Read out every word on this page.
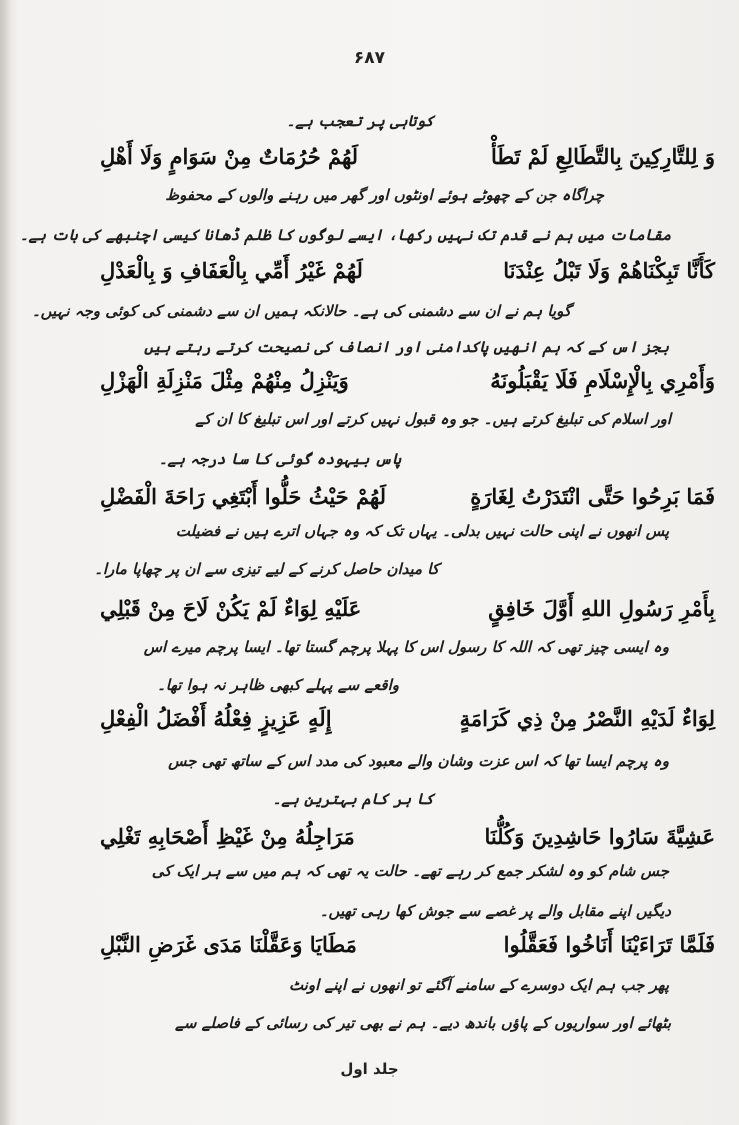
۶۸۷
کوتاہی پر تعجب ہے۔
وَ لِلتَّارِكِينَ بِالتَّطَالِعِ لَمْ تَطَأْ
لَهُمْ حُرُمَاتٌ مِنْ سَوَامٍ وَلَا أَهْلِ
چراگاہ جن کے چھوٹے ہوئے اونٹوں اور گھر میں رہنے والوں کے محفوظ
مقامات میں ہم نے قدم تک نہیں رکھا، ایسے لوگوں کا ظلم ڈھانا کیسی اچنبھے کی بات ہے۔
كَأَنَّا تَبِكْنَاهُمْ وَلَا تَبْلُ عِنْدَنَا
لَهُمْ غَيْرُ أَمِّي بِالْعَفَافِ وَ بِالْعَدْلِ
گویا ہم نے ان سے دشمنی کی ہے۔ حالانکہ ہمیں ان سے دشمنی کی کوئی وجہ نہیں۔
بجز اس کے کہ ہم انھیں پاکدامنی اور انصاف کی نصیحت کرتے رہتے ہیں
وَأَمْرِي بِالْإِسْلَامِ فَلَا يَقْبَلُونَهُ
وَيَنْزِلُ مِنْهُمْ مِثْلَ مَنْزِلَةِ الْهَزْلِ
اور اسلام کی تبلیغ کرتے ہیں۔ جو وہ قبول نہیں کرتے اور اس تبلیغ کا ان کے
پاس بیہودہ گوئی کا سا درجہ ہے۔
فَمَا بَرِحُوا حَتَّى انْتَدَرْتُ لِغَارَةٍ
لَهُمْ حَيْثُ حَلُّوا أَبْتَغِي رَاحَةَ الْفَضْلِ
پس انھوں نے اپنی حالت نہیں بدلی۔ یہاں تک کہ وہ جہاں اترے ہیں نے فضیلت
کا میدان حاصل کرنے کے لیے تیزی سے ان پر چھاپا مارا۔
بِأَمْرِ رَسُولِ اللهِ أَوَّلَ خَافِقٍ
عَلَيْهِ لِوَاءٌ لَمْ يَكُنْ لَاحَ مِنْ قَبْلِي
وہ ایسی چیز تھی کہ اللہ کا رسول اس کا پہلا پرچم گستا تھا۔ ایسا پرچم میرے اس
واقعے سے پہلے کبھی ظاہر نہ ہوا تھا۔
لِوَاءٌ لَدَيْهِ النَّصْرُ مِنْ ذِي كَرَامَةٍ
إِلَهٍ عَزِيزٍ فِعْلُهُ أَفْضَلُ الْفِعْلِ
وہ پرچم ایسا تھا کہ اس عزت وشان والے معبود کی مدد اس کے ساتھ تھی جس
کا ہر کام بہترین ہے۔
عَشِيَّةَ سَارُوا حَاشِدِينَ وَكُلُّنَا
مَرَاجِلُهُ مِنْ غَيْظِ أَصْحَابِهِ تَغْلِي
جس شام کو وہ لشکر جمع کر رہے تھے۔ حالت یہ تھی کہ ہم میں سے ہر ایک کی
دیگیں اپنے مقابل والے پر غصے سے جوش کھا رہی تھیں۔
فَلَمَّا تَرَاءَيْنَا أَنَاخُوا فَعَقَّلُوا
مَطَايَا وَعَقَّلْنَا مَدَى غَرَضِ النَّبْلِ
پھر جب ہم ایک دوسرے کے سامنے آگئے تو انھوں نے اپنے اونٹ
بٹھائے اور سواریوں کے پاؤں باندھ دیے۔ ہم نے بھی تیر کی رسائی کے فاصلے سے
جلد اول
